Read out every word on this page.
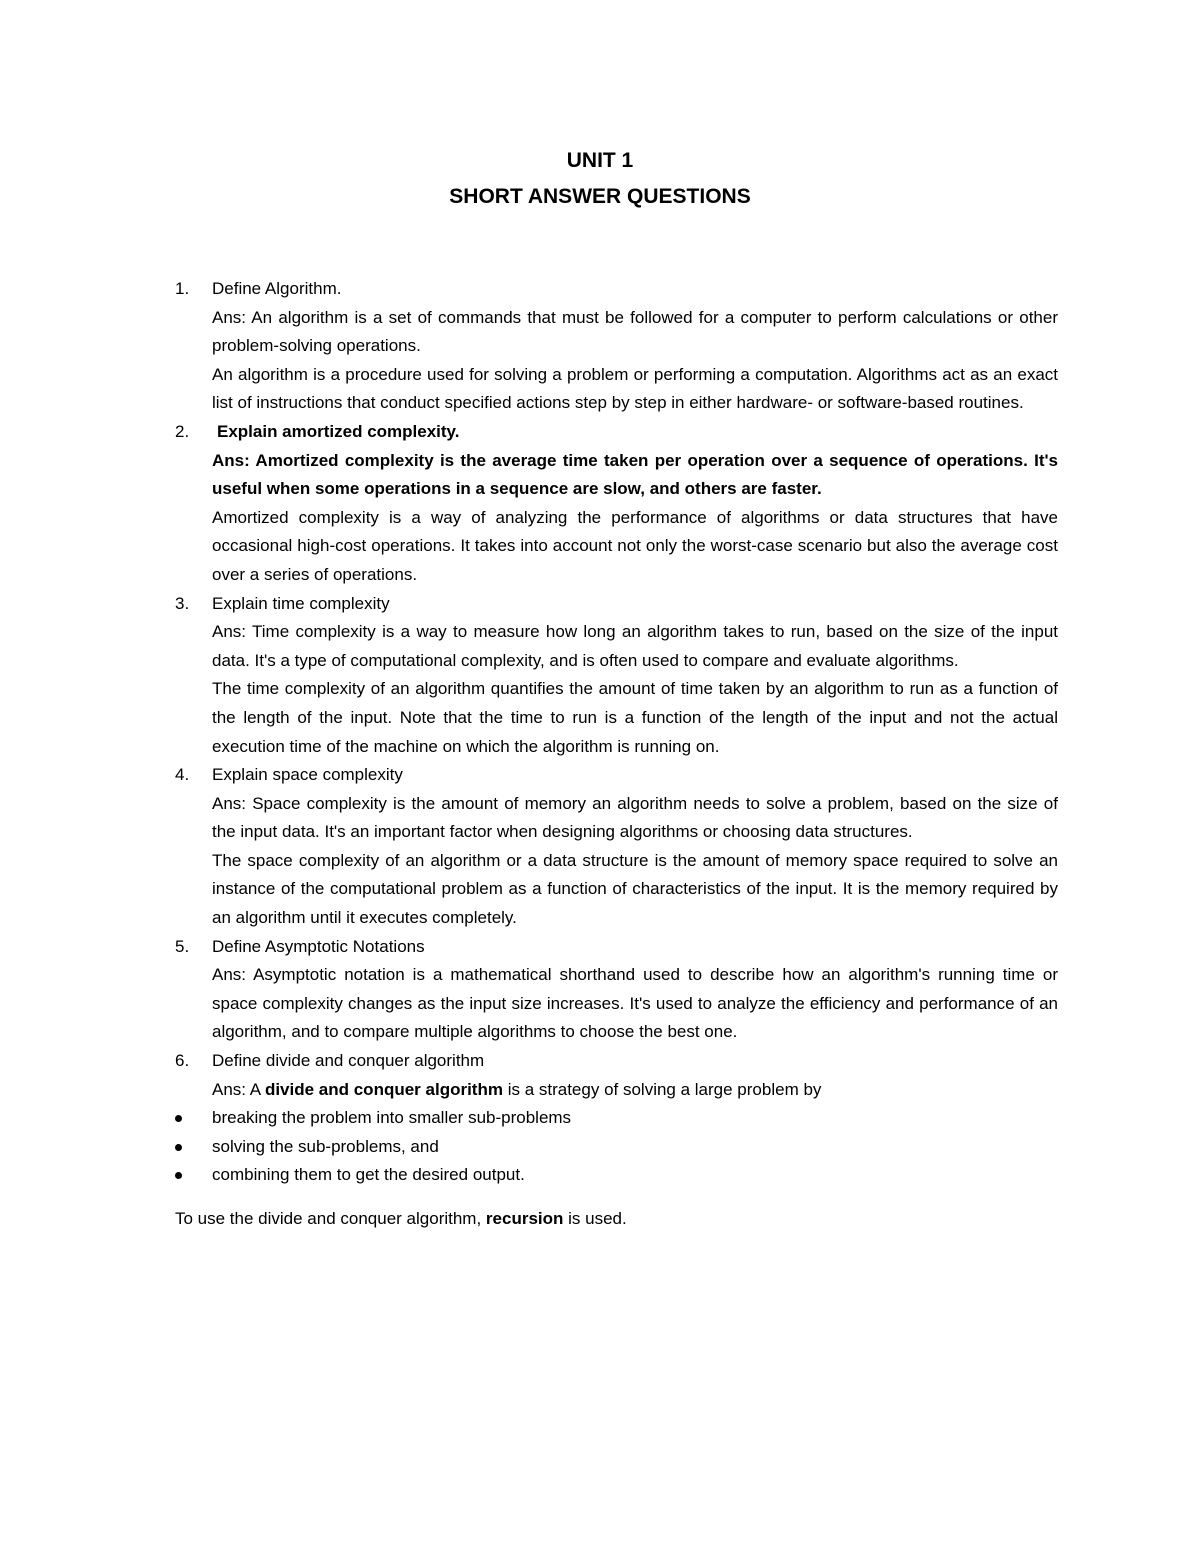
UNIT 1
SHORT ANSWER QUESTIONS
1. Define Algorithm.
Ans: An algorithm is a set of commands that must be followed for a computer to perform calculations or other problem-solving operations.
An algorithm is a procedure used for solving a problem or performing a computation. Algorithms act as an exact list of instructions that conduct specified actions step by step in either hardware- or software-based routines.
2. Explain amortized complexity.
Ans: Amortized complexity is the average time taken per operation over a sequence of operations. It's useful when some operations in a sequence are slow, and others are faster.
Amortized complexity is a way of analyzing the performance of algorithms or data structures that have occasional high-cost operations. It takes into account not only the worst-case scenario but also the average cost over a series of operations.
3. Explain time complexity
Ans: Time complexity is a way to measure how long an algorithm takes to run, based on the size of the input data. It's a type of computational complexity, and is often used to compare and evaluate algorithms.
The time complexity of an algorithm quantifies the amount of time taken by an algorithm to run as a function of the length of the input. Note that the time to run is a function of the length of the input and not the actual execution time of the machine on which the algorithm is running on.
4. Explain space complexity
Ans: Space complexity is the amount of memory an algorithm needs to solve a problem, based on the size of the input data. It's an important factor when designing algorithms or choosing data structures.
The space complexity of an algorithm or a data structure is the amount of memory space required to solve an instance of the computational problem as a function of characteristics of the input. It is the memory required by an algorithm until it executes completely.
5. Define Asymptotic Notations
Ans: Asymptotic notation is a mathematical shorthand used to describe how an algorithm's running time or space complexity changes as the input size increases. It's used to analyze the efficiency and performance of an algorithm, and to compare multiple algorithms to choose the best one.
6. Define divide and conquer algorithm
Ans: A divide and conquer algorithm is a strategy of solving a large problem by
breaking the problem into smaller sub-problems
solving the sub-problems, and
combining them to get the desired output.
To use the divide and conquer algorithm, recursion is used.
